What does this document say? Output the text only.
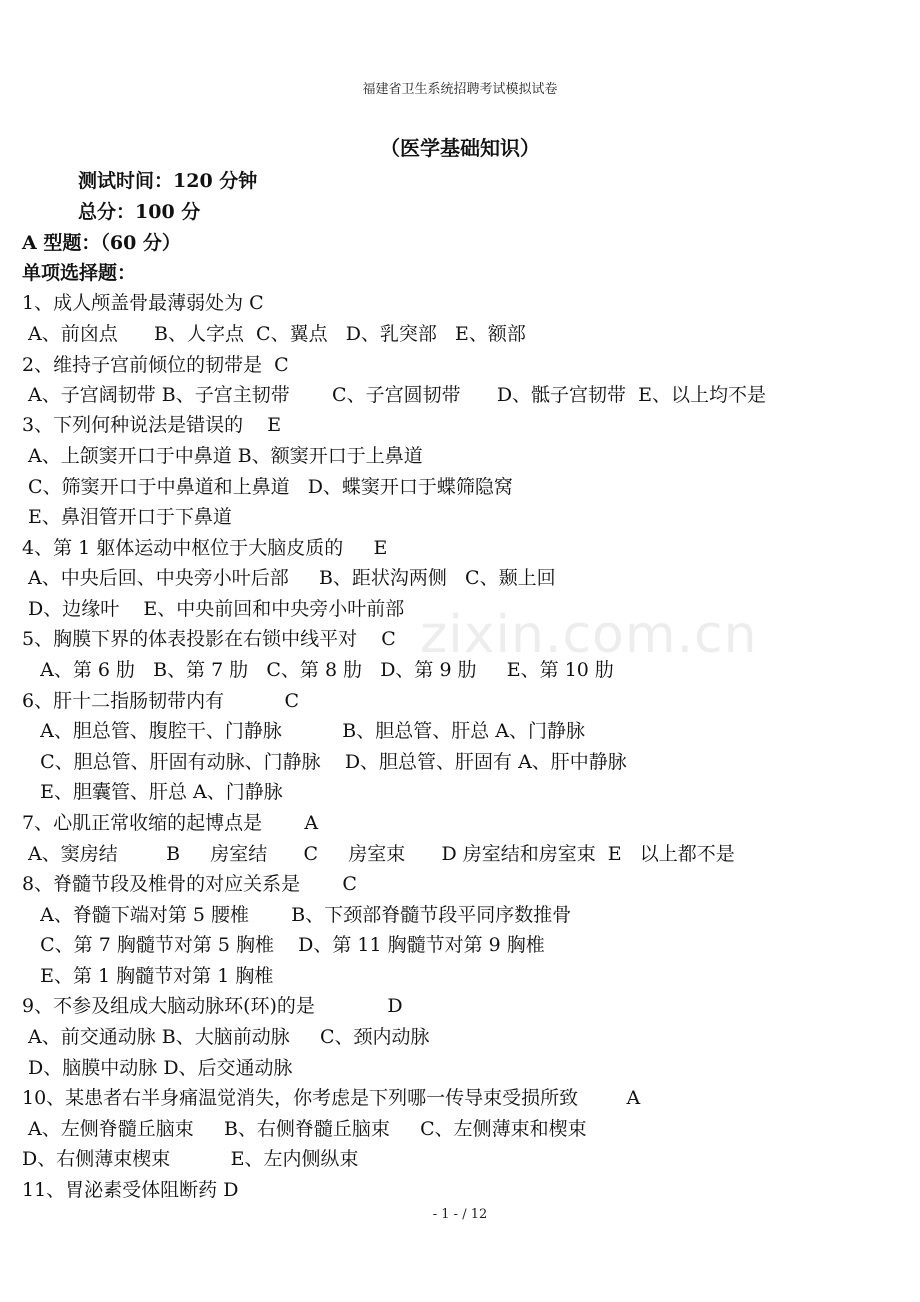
福建省卫生系统招聘考试模拟试卷
（医学基础知识）
测试时间：120 分钟
总分：100 分
A 型题：（60 分）
单项选择题：
1、成人颅盖骨最薄弱处为 C
A、前囟点      B、人字点  C、翼点   D、乳突部   E、额部
2、维持子宫前倾位的韧带是  C
A、子宫阔韧带 B、子宫主韧带       C、子宫圆韧带      D、骶子宫韧带  E、以上均不是
3、下列何种说法是错误的    E
A、上颌窦开口于中鼻道 B、额窦开口于上鼻道
C、筛窦开口于中鼻道和上鼻道   D、蝶窦开口于蝶筛隐窝
E、鼻泪管开口于下鼻道
4、第 1 躯体运动中枢位于大脑皮质的     E
A、中央后回、中央旁小叶后部     B、距状沟两侧   C、颞上回
D、边缘叶    E、中央前回和中央旁小叶前部
5、胸膜下界的体表投影在右锁中线平对    C
A、第 6 肋   B、第 7 肋   C、第 8 肋   D、第 9 肋     E、第 10 肋
6、肝十二指肠韧带内有          C
A、胆总管、腹腔干、门静脉          B、胆总管、肝总 A、门静脉
C、胆总管、肝固有动脉、门静脉    D、胆总管、肝固有 A、肝中静脉
E、胆囊管、肝总 A、门静脉
7、心肌正常收缩的起博点是       A
A、窦房结        B     房室结      C     房室束      D 房室结和房室束  E   以上都不是
8、脊髓节段及椎骨的对应关系是       C
A、脊髓下端对第 5 腰椎       B、下颈部脊髓节段平同序数推骨
C、第 7 胸髓节对第 5 胸椎    D、第 11 胸髓节对第 9 胸椎
E、第 1 胸髓节对第 1 胸椎
9、不参及组成大脑动脉环(环)的是            D
A、前交通动脉 B、大脑前动脉     C、颈内动脉
D、脑膜中动脉 D、后交通动脉
10、某患者右半身痛温觉消失，你考虑是下列哪一传导束受损所致        A
A、左侧脊髓丘脑束     B、右侧脊髓丘脑束     C、左侧薄束和楔束
D、右侧薄束楔束          E、左内侧纵束
11、胃泌素受体阻断药 D
zixin.com.cn
- 1 - / 12
